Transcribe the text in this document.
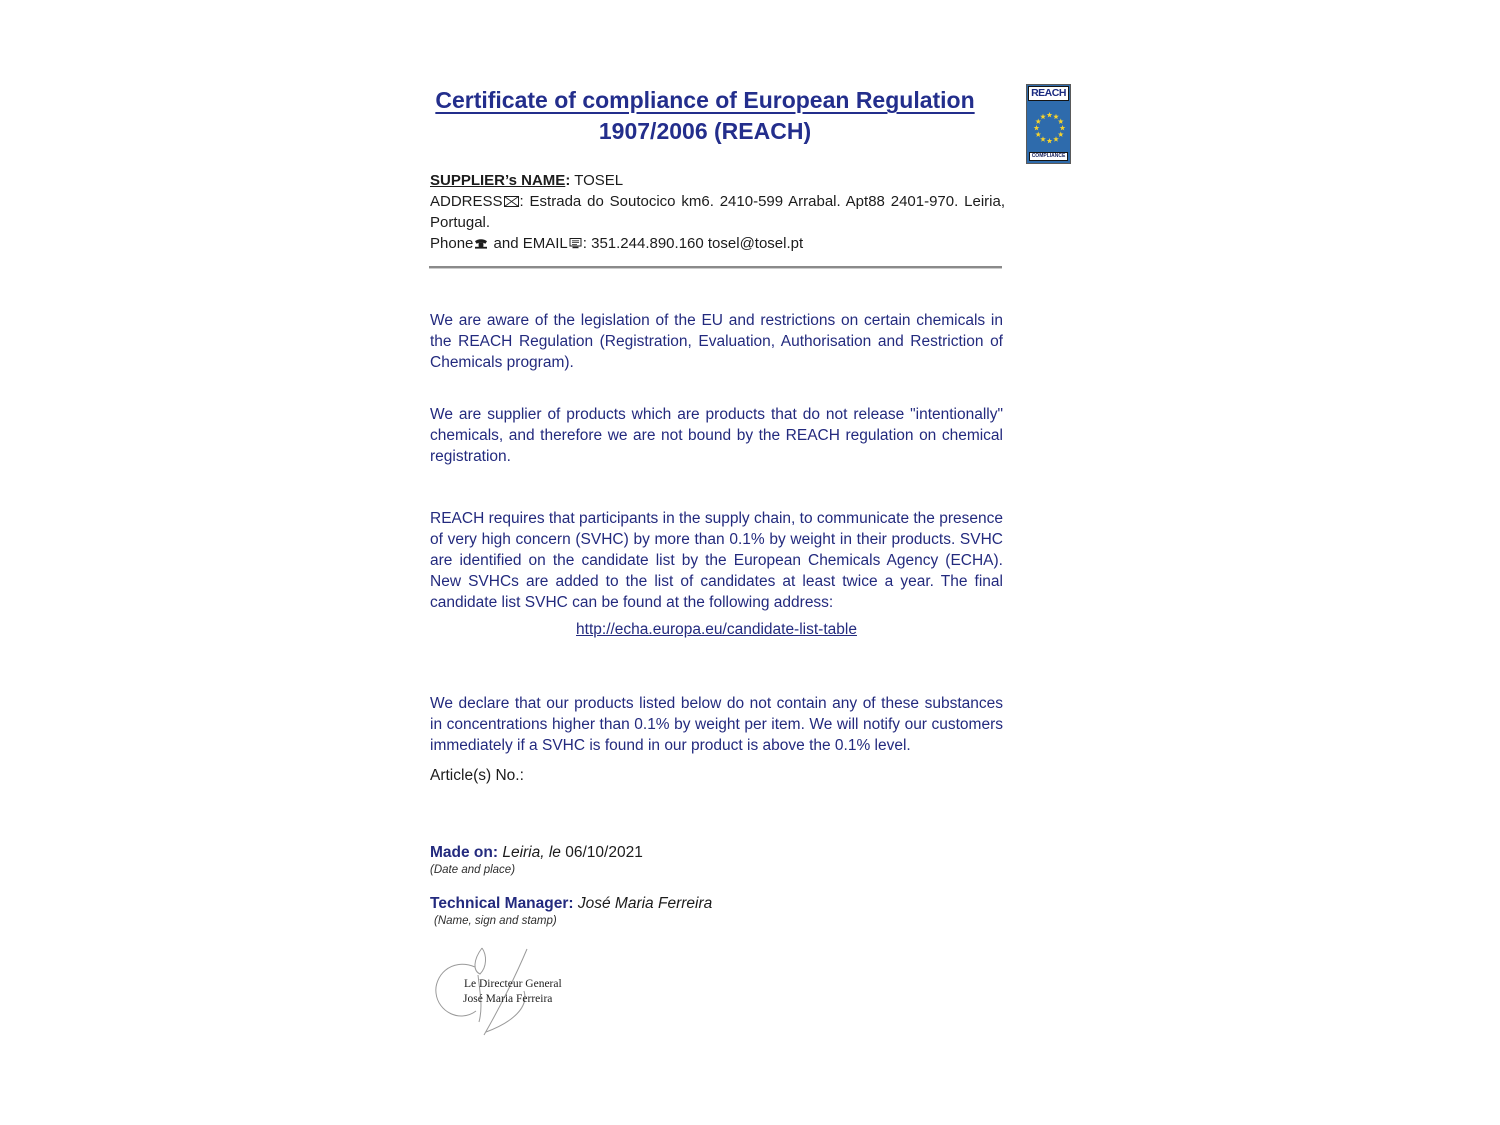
Certificate of compliance of European Regulation
1907/2006 (REACH)
REACH
COMPLIANCE
SUPPLIER’s NAME: TOSEL
ADDRESS : Estrada do Soutocico km6. 2410-599 Arrabal. Apt88 2401-970. Leiria, Portugal.
Phone and EMAIL : 351.244.890.160 tosel@tosel.pt

We are aware of the legislation of the EU and restrictions on certain chemicals in the REACH Regulation (Registration, Evaluation, Authorisation and Restriction of Chemicals program).

We are supplier of products which are products that do not release "intentionally" chemicals, and therefore we are not bound by the REACH regulation on chemical registration.

REACH requires that participants in the supply chain, to communicate the presence of very high concern (SVHC) by more than 0.1% by weight in their products. SVHC are identified on the candidate list by the European Chemicals Agency (ECHA). New SVHCs are added to the list of candidates at least twice a year. The final candidate list SVHC can be found at the following address:

http://echa.europa.eu/candidate-list-table

We declare that our products listed below do not contain any of these substances in concentrations higher than 0.1% by weight per item. We will notify our customers immediately if a SVHC is found in our product is above the 0.1% level.

Article(s) No.:
Made on: Leiria, le 06/10/2021
(Date and place)
Technical Manager: José Maria Ferreira
(Name, sign and stamp)
Le Directeur General
José Maria Ferreira
